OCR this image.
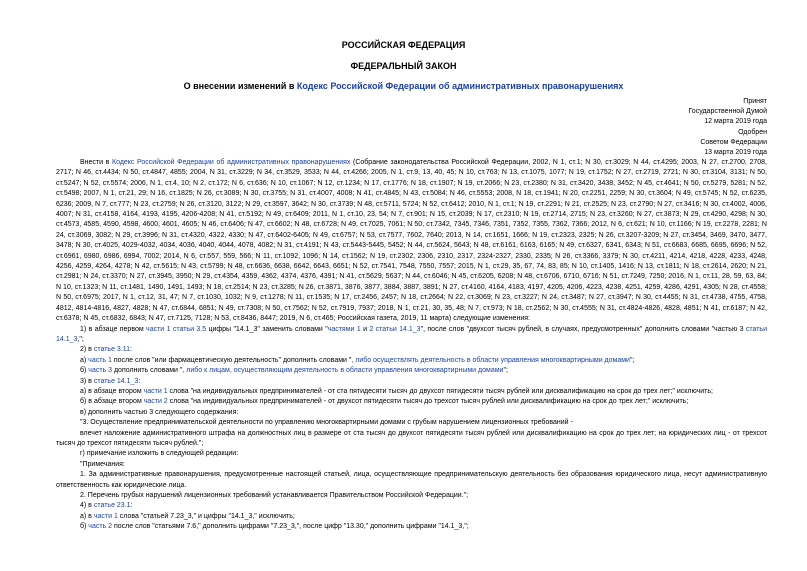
РОССИЙСКАЯ ФЕДЕРАЦИЯ
ФЕДЕРАЛЬНЫЙ ЗАКОН
О внесении изменений в Кодекс Российской Федерации об административных правонарушениях
Принят
Государственной Думой
12 марта 2019 года
Одобрен
Советом Федерации
13 марта 2019 года

Внести в Кодекс Российской Федерации об административных правонарушениях (Собрание законодательства Российской Федерации, 2002, N 1, ст.1; N 30, ст.3029; N 44, ст.4295; 2003, N 27, ст.2700, 2708, 2717; N 46, ст.4434; N 50, ст.4847, 4855; 2004, N 31, ст.3229; N 34, ст.3529, 3533; N 44, ст.4266; 2005, N 1, ст.9, 13, 40, 45; N 10, ст.763; N 13, ст.1075, 1077; N 19, ст.1752; N 27, ст.2719, 2721; N 30, ст.3104, 3131; N 50, ст.5247; N 52, ст.5574; 2006, N 1, ст.4, 10; N 2, ст.172; N 6, ст.636; N 10, ст.1067; N 12, ст.1234; N 17, ст.1776; N 18, ст.1907; N 19, ст.2066; N 23, ст.2380; N 31, ст.3420, 3438, 3452; N 45, ст.4641; N 50, ст.5279, 5281; N 52, ст.5498; 2007, N 1, ст.21, 29; N 16, ст.1825; N 26, ст.3089; N 30, ст.3755; N 31, ст.4007, 4008; N 41, ст.4845; N 43, ст.5084; N 46, ст.5553; 2008, N 18, ст.1941; N 20, ст.2251, 2259; N 30, ст.3604; N 49, ст.5745; N 52, ст.6235, 6236; 2009, N 7, ст.777; N 23, ст.2759; N 26, ст.3120, 3122; N 29, ст.3597, 3642; N 30, ст.3739; N 48, ст.5711, 5724; N 52, ст.6412; 2010, N 1, ст.1; N 19, ст.2291; N 21, ст.2525; N 23, ст.2790; N 27, ст.3416; N 30, ст.4002, 4006, 4007; N 31, ст.4158, 4164, 4193, 4195, 4206-4208; N 41, ст.5192; N 49, ст.6409; 2011, N 1, ст.10, 23, 54; N 7, ст.901; N 15, ст.2039; N 17, ст.2310; N 19, ст.2714, 2715; N 23, ст.3260; N 27, ст.3873; N 29, ст.4290, 4298; N 30, ст.4573, 4585, 4590, 4598, 4600, 4601, 4605; N 46, ст.6406; N 47, ст.6602; N 48, ст.6728; N 49, ст.7025, 7061; N 50, ст.7342, 7345, 7346, 7351, 7352, 7355, 7362, 7366; 2012, N 6, ст.621; N 10, ст.1166; N 19, ст.2278, 2281; N 24, ст.3069, 3082; N 29, ст.3996; N 31, ст.4320, 4322, 4330; N 47, ст.6402-6405; N 49, ст.6757; N 53, ст.7577, 7602, 7640; 2013, N 14, ст.1651, 1666; N 19, ст.2323, 2325; N 26, ст.3207-3209; N 27, ст.3454, 3469, 3470, 3477, 3478; N 30, ст.4025, 4029-4032, 4034, 4036, 4040, 4044, 4078, 4082; N 31, ст.4191; N 43, ст.5443-5445, 5452; N 44, ст.5624, 5643; N 48, ст.6161, 6163, 6165; N 49, ст.6327, 6341, 6343; N 51, ст.6683, 6685, 6695, 6696; N 52, ст.6961, 6980, 6986, 6994, 7002; 2014, N 6, ст.557, 559, 566; N 11, ст.1092, 1096; N 14, ст.1562; N 19, ст.2302, 2306, 2310, 2317, 2324-2327, 2330, 2335; N 26, ст.3366, 3379; N 30, ст.4211, 4214, 4218, 4228, 4233, 4248, 4256, 4259, 4264, 4278; N 42, ст.5615; N 43, ст.5799; N 48, ст.6636, 6638, 6642, 6643, 6651; N 52, ст.7541, 7548, 7550, 7557; 2015, N 1, ст.29, 35, 67, 74, 83, 85; N 10, ст.1405, 1416; N 13, ст.1811; N 18, ст.2614, 2620; N 21, ст.2981; N 24, ст.3370; N 27, ст.3945, 3950; N 29, ст.4354, 4359, 4362, 4374, 4376, 4391; N 41, ст.5629, 5637; N 44, ст.6046; N 45, ст.6205, 6208; N 48, ст.6706, 6710, 6716; N 51, ст.7249, 7250; 2016, N 1, ст.11, 28, 59, 63, 84; N 10, ст.1323; N 11, ст.1481, 1490, 1491, 1493; N 18, ст.2514; N 23, ст.3285; N 26, ст.3871, 3876, 3877, 3884, 3887, 3891; N 27, ст.4160, 4164, 4183, 4197, 4205, 4206, 4223, 4238, 4251, 4259, 4286, 4291, 4305; N 28, ст.4558; N 50, ст.6975; 2017, N 1, ст.12, 31, 47; N 7, ст.1030, 1032; N 9, ст.1278; N 11, ст.1535; N 17, ст.2456, 2457; N 18, ст.2664; N 22, ст.3069; N 23, ст.3227; N 24, ст.3487; N 27, ст.3947; N 30, ст.4455; N 31, ст.4738, 4755, 4758, 4812, 4814-4816, 4827, 4828; N 47, ст.6844, 6851; N 49, ст.7308; N 50, ст.7562; N 52, ст.7919, 7937; 2018, N 1, ст.21, 30, 35, 48; N 7, ст.973; N 18, ст.2562; N 30, ст.4555; N 31, ст.4824-4826, 4828, 4851; N 41, ст.6187; N 42, ст.6378; N 45, ст.6832, 6843; N 47, ст.7125, 7128; N 53, ст.8436, 8447; 2019, N 6, ст.465; Российская газета, 2019, 11 марта) следующие изменения:

1) в абзаце первом части 1 статьи 3.5 цифры "14.1_3" заменить словами "частями 1 и 2 статьи 14.1_3", после слов "двухсот тысяч рублей, в случаях, предусмотренных" дополнить словами "частью 3 статьи 14.1_3,";

2) в статье 3.11:

а) часть 1 после слов "или фармацевтическую деятельность" дополнить словами ", либо осуществлять деятельность в области управления многоквартирными домами";

б) часть 3 дополнить словами ", либо к лицам, осуществляющим деятельность в области управления многоквартирными домами";

3) в статье 14.1_3:

а) в абзаце втором части 1 слова "на индивидуальных предпринимателей - от ста пятидесяти тысяч до двухсот пятидесяти тысяч рублей или дисквалификацию на срок до трех лет;" исключить;

б) в абзаце втором части 2 слова "на индивидуальных предпринимателей - от двухсот пятидесяти тысяч до трехсот тысяч рублей или дисквалификацию на срок до трех лет;" исключить;

в) дополнить частью 3 следующего содержания:

"3. Осуществление предпринимательской деятельности по управлению многоквартирными домами с грубым нарушением лицензионных требований -

влечет наложение административного штрафа на должностных лиц в размере от ста тысяч до двухсот пятидесяти тысяч рублей или дисквалификацию на срок до трех лет; на юридических лиц - от трехсот тысяч до трехсот пятидесяти тысяч рублей.";

г) примечание изложить в следующей редакции:

"Примечания:

1. За административные правонарушения, предусмотренные настоящей статьей, лица, осуществляющие предпринимательскую деятельность без образования юридического лица, несут административную ответственность как юридические лица.

2. Перечень грубых нарушений лицензионных требований устанавливается Правительством Российской Федерации.";

4) в статье 23.1:

а) в части 1 слова "статьей 7.23_3," и цифры "14.1_3," исключить;

б) часть 2 после слов "статьями 7.6," дополнить цифрами "7.23_3,", после цифр "13.30," дополнить цифрами "14.1_3,";
